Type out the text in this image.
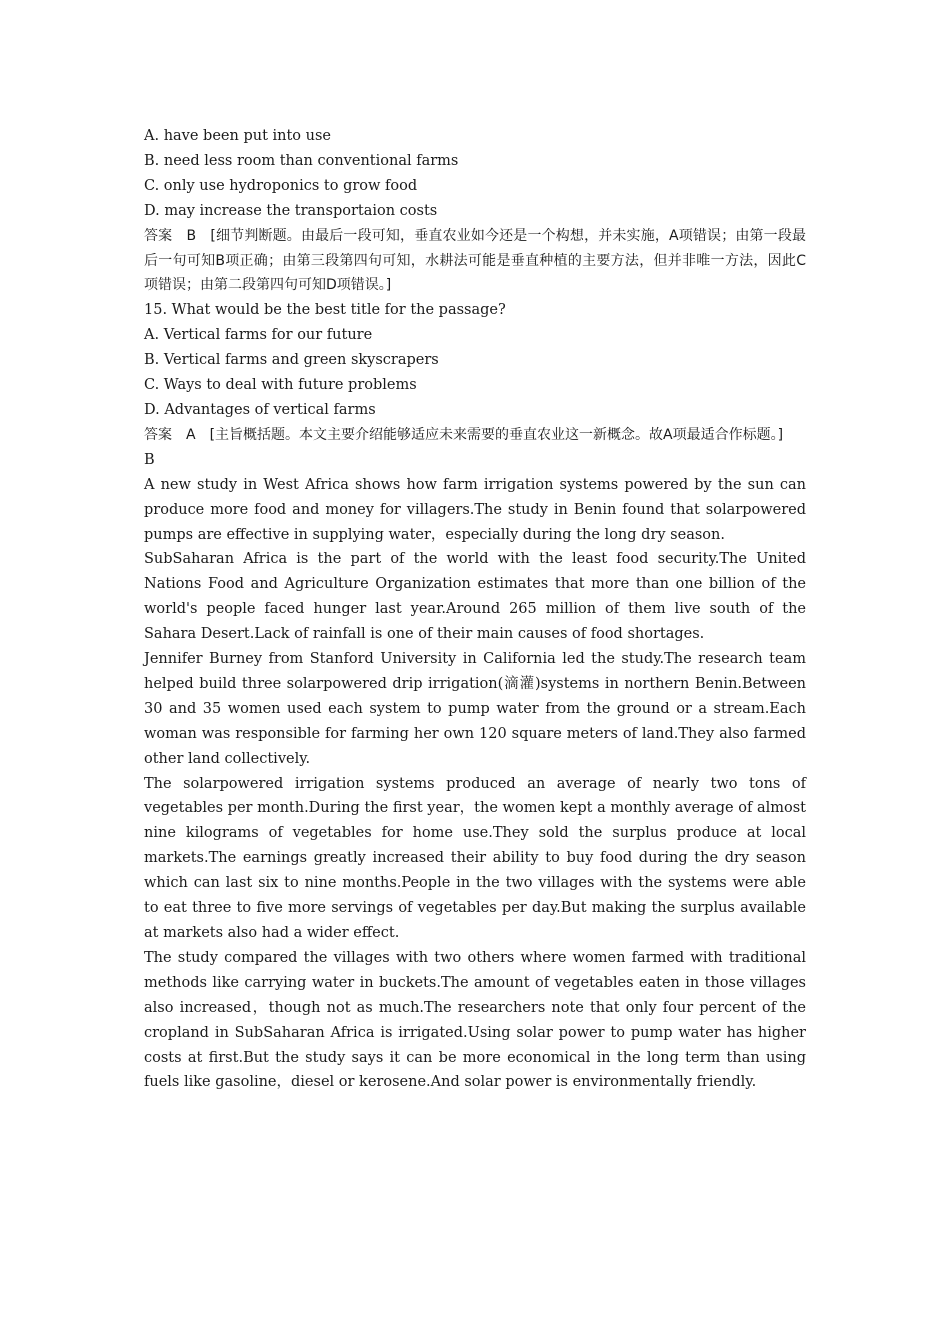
A. have been put into use

B. need less room than conventional farms

C. only use hydroponics to grow food

D. may increase the transportaion costs

答案　B　[细节判断题。由最后一段可知，垂直农业如今还是一个构想，并未实施，A项错误；由第一段最后一句可知B项正确；由第三段第四句可知，水耕法可能是垂直种植的主要方法，但并非唯一方法，因此C项错误；由第二段第四句可知D项错误。]

15. What would be the best title for the passage?

A. Vertical farms for our future

B. Vertical farms and green skyscrapers

C. Ways to deal with future problems

D. Advantages of vertical farms

答案　A　[主旨概括题。本文主要介绍能够适应未来需要的垂直农业这一新概念。故A项最适合作标题。]

B

A new study in West Africa shows how farm irrigation systems powered by the sun can produce more food and money for villagers.The study in Benin found that solarpowered pumps are effective in supplying water，especially during the long dry season.

SubSaharan Africa is the part of the world with the least food security.The United Nations Food and Agriculture Organization estimates that more than one billion of the world's people faced hunger last year.Around 265 million of them live south of the Sahara Desert.Lack of rainfall is one of their main causes of food shortages.

Jennifer Burney from Stanford University in California led the study.The research team helped build three solarpowered drip irrigation(滴灌)systems in northern Benin.Between 30 and 35 women used each system to pump water from the ground or a stream.Each woman was responsible for farming her own 120 square meters of land.They also farmed other land collectively.

The solarpowered irrigation systems produced an average of nearly two tons of vegetables per month.During the first year，the women kept a monthly average of almost nine kilograms of vegetables for home use.They sold the surplus produce at local markets.The earnings greatly increased their ability to buy food during the dry season which can last six to nine months.People in the two villages with the systems were able to eat three to five more servings of vegetables per day.But making the surplus available at markets also had a wider effect.

The study compared the villages with two others where women farmed with traditional methods like carrying water in buckets.The amount of vegetables eaten in those villages also increased，though not as much.The researchers note that only four percent of the cropland in SubSaharan Africa is irrigated.Using solar power to pump water has higher costs at first.But the study says it can be more economical in the long term than using fuels like gasoline，diesel or kerosene.And solar power is environmentally friendly.
